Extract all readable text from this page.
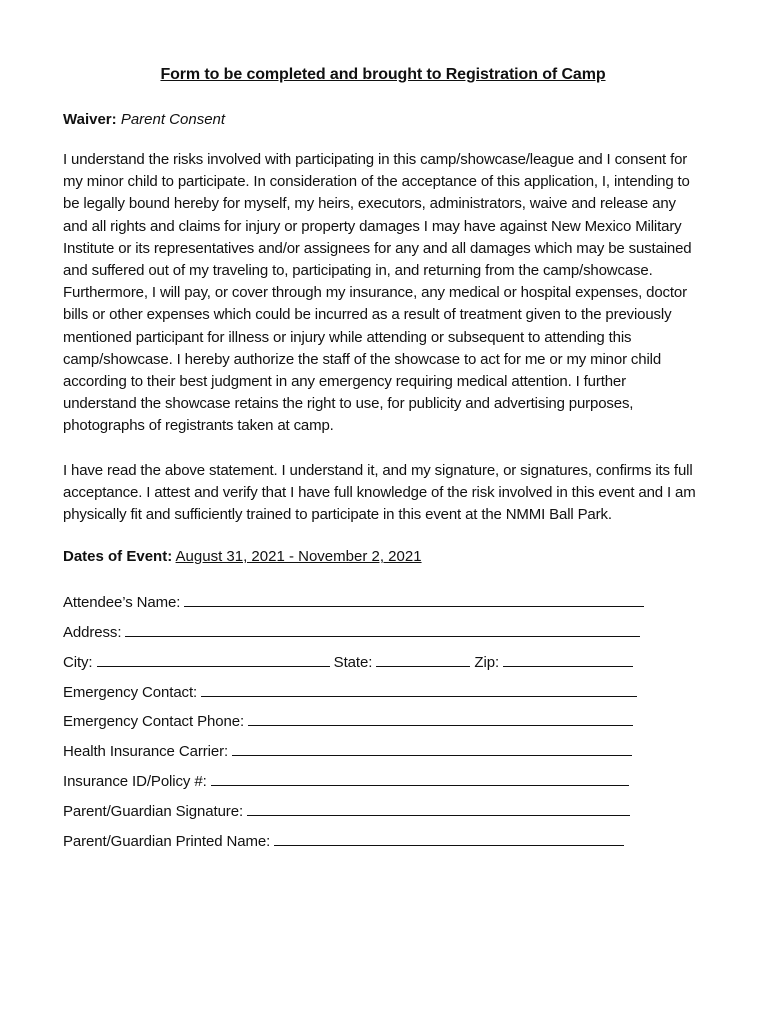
Form to be completed and brought to Registration of Camp
Waiver: Parent Consent

I understand the risks involved with participating in this camp/showcase/league and I consent for my minor child to participate. In consideration of the acceptance of this application, I, intending to be legally bound hereby for myself, my heirs, executors, administrators, waive and release any and all rights and claims for injury or property damages I may have against New Mexico Military Institute or its representatives and/or assignees for any and all damages which may be sustained and suffered out of my traveling to, participating in, and returning from the camp/showcase. Furthermore, I will pay, or cover through my insurance, any medical or hospital expenses, doctor bills or other expenses which could be incurred as a result of treatment given to the previously mentioned participant for illness or injury while attending or subsequent to attending this camp/showcase. I hereby authorize the staff of the showcase to act for me or my minor child according to their best judgment in any emergency requiring medical attention. I further understand the showcase retains the right to use, for publicity and advertising purposes, photographs of registrants taken at camp.

I have read the above statement. I understand it, and my signature, or signatures, confirms its full acceptance. I attest and verify that I have full knowledge of the risk involved in this event and I am physically fit and sufficiently trained to participate in this event at the NMMI Ball Park.

Dates of Event: August 31, 2021 - November 2, 2021
Attendee’s Name:
Address:
City:	State:	Zip:
Emergency Contact:
Emergency Contact Phone:
Health Insurance Carrier:
Insurance ID/Policy #:
Parent/Guardian Signature:
Parent/Guardian Printed Name:
